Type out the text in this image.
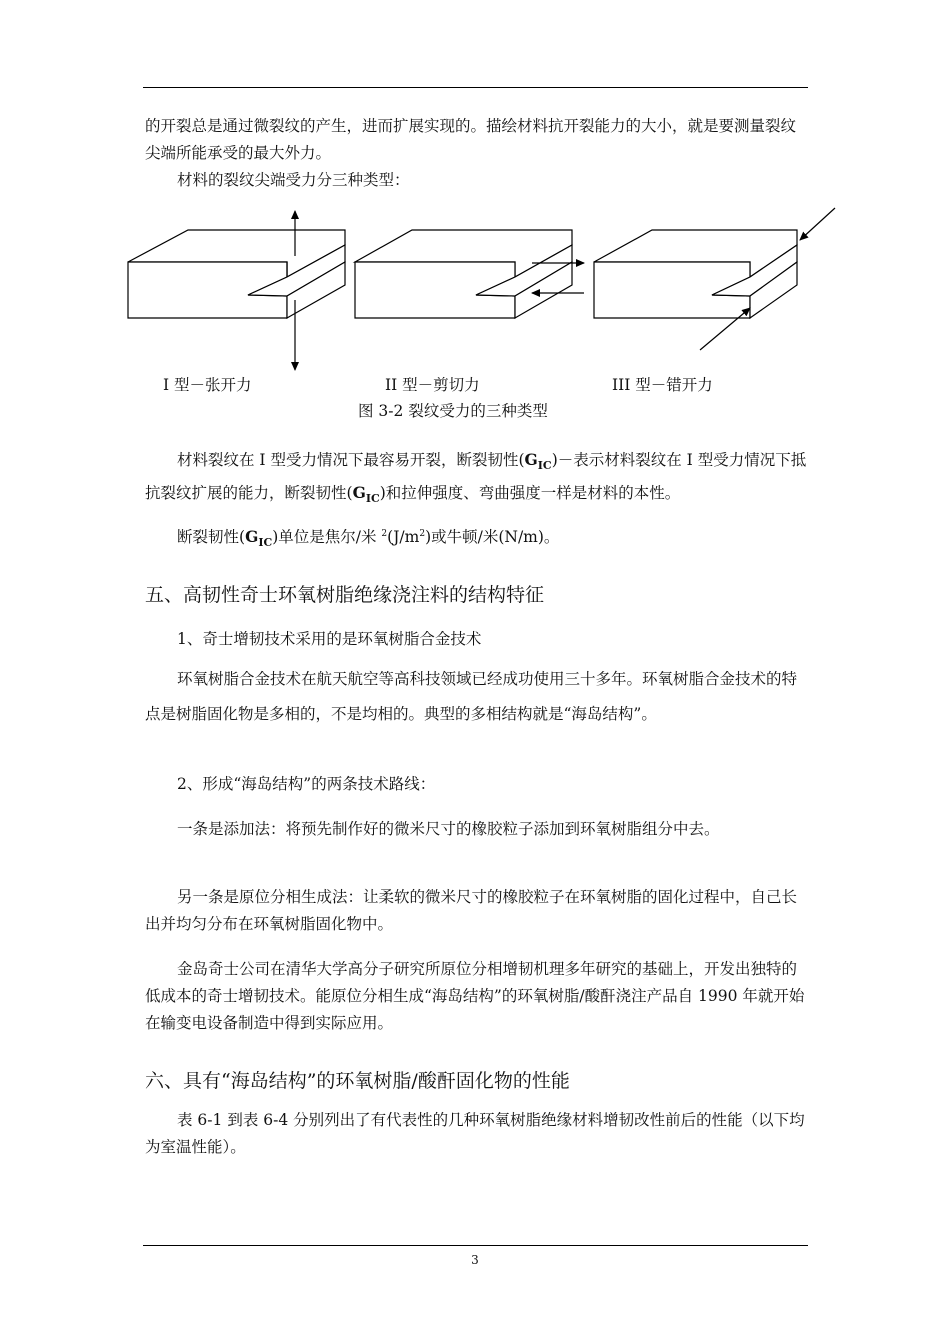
的开裂总是通过微裂纹的产生，进而扩展实现的。描绘材料抗开裂能力的大小，就是要测量裂纹尖端所能承受的最大外力。

材料的裂纹尖端受力分三种类型：

I 型－张开力	II 型－剪切力	III 型－错开力
图 3-2 裂纹受力的三种类型

材料裂纹在 I 型受力情况下最容易开裂，断裂韧性$(G_{IC})-$表示材料裂纹在 I 型受力情况下抵抗裂纹扩展的能力，断裂韧性$(G_{IC})$和拉伸强度、弯曲强度一样是材料的本性。

断裂韧性$(G_{IC})$单位是焦尔/米 $^2(J/m^2)$或牛顿/米(N/m)。

五、高韧性奇士环氧树脂绝缘浇注料的结构特征

1、奇士增韧技术采用的是环氧树脂合金技术

环氧树脂合金技术在航天航空等高科技领域已经成功使用三十多年。环氧树脂合金技术的特点是树脂固化物是多相的，不是均相的。典型的多相结构就是“海岛结构”。

2、形成“海岛结构”的两条技术路线：

一条是添加法：将预先制作好的微米尺寸的橡胶粒子添加到环氧树脂组分中去。

另一条是原位分相生成法：让柔软的微米尺寸的橡胶粒子在环氧树脂的固化过程中，自己长出并均匀分布在环氧树脂固化物中。

金岛奇士公司在清华大学高分子研究所原位分相增韧机理多年研究的基础上，开发出独特的低成本的奇士增韧技术。能原位分相生成“海岛结构”的环氧树脂/酸酐浇注产品自 1990 年就开始在输变电设备制造中得到实际应用。

六、具有“海岛结构”的环氧树脂/酸酐固化物的性能

表 6-1 到表 6-4 分别列出了有代表性的几种环氧树脂绝缘材料增韧改性前后的性能（以下均为室温性能）。

3
